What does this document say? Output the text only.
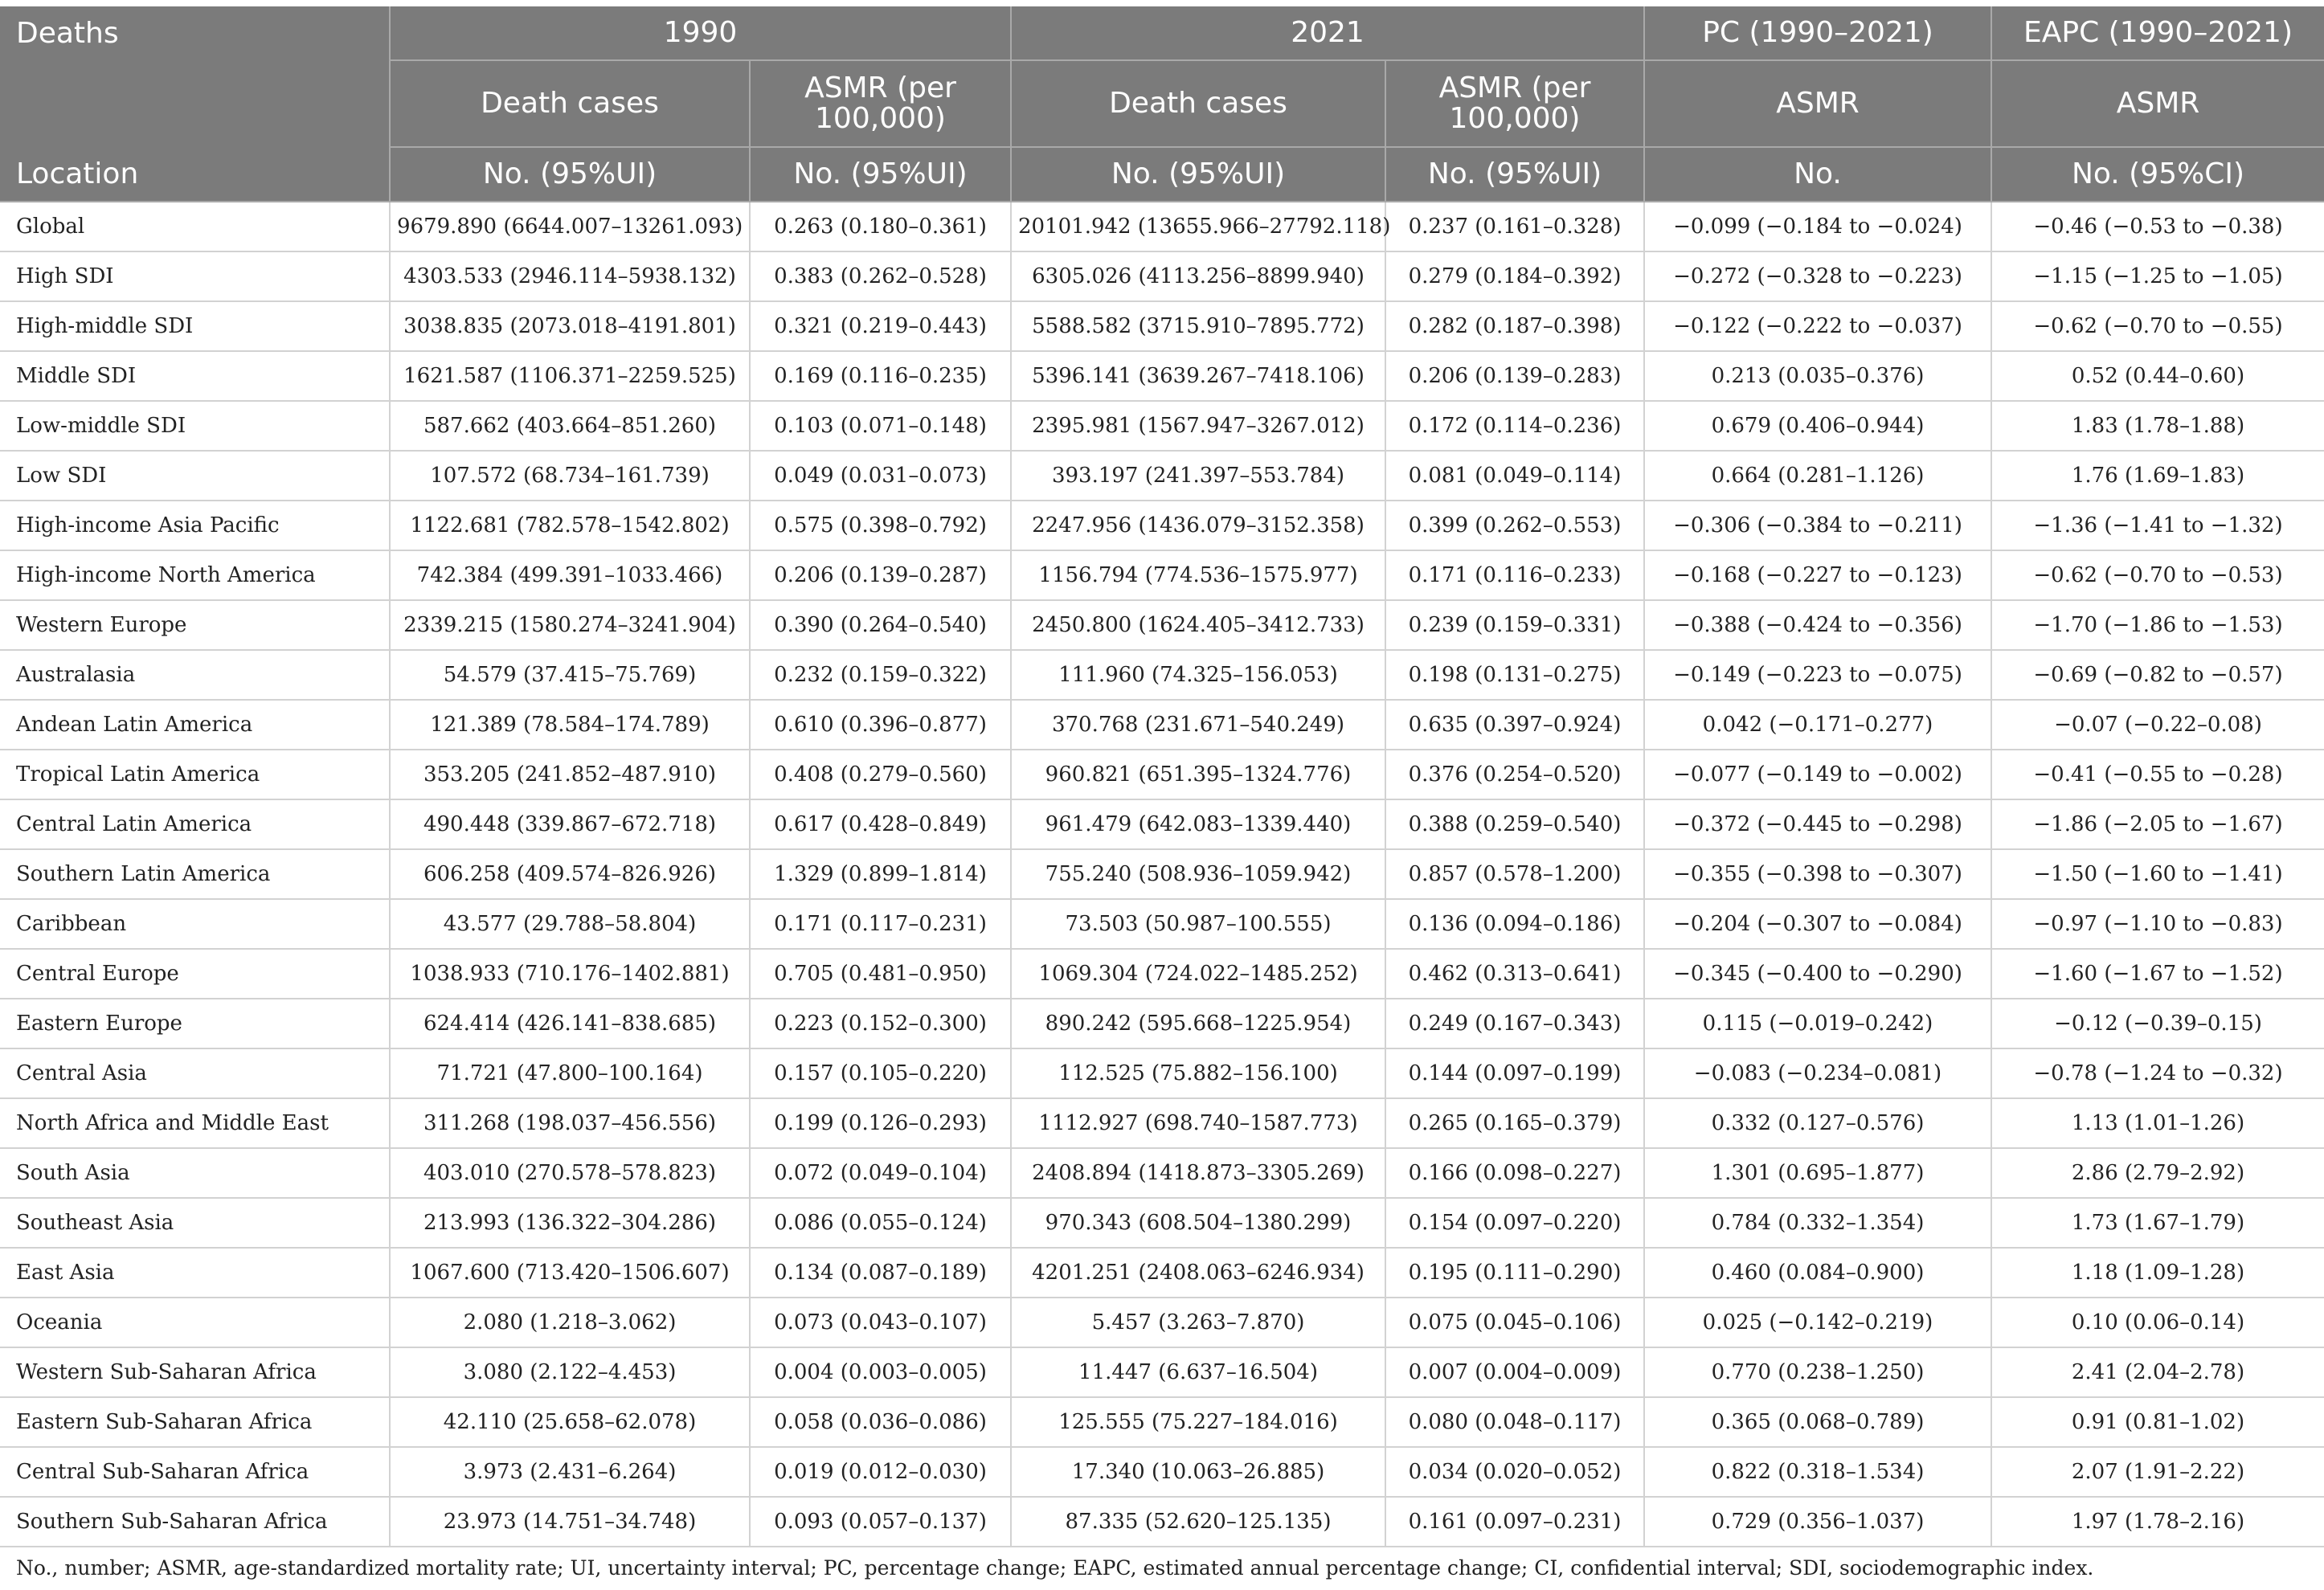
Deaths	1990		2021		PC (1990–2021)	EAPC (1990–2021)
	Death cases	ASMR (per 100,000)	Death cases	ASMR (per 100,000)	ASMR	ASMR
Location	No. (95%UI)	No. (95%UI)	No. (95%UI)	No. (95%UI)	No.	No. (95%CI)
Global	9679.890 (6644.007–13261.093)	0.263 (0.180–0.361)	20101.942 (13655.966–27792.118)	0.237 (0.161–0.328)	−0.099 (−0.184 to −0.024)	−0.46 (−0.53 to −0.38)
High SDI	4303.533 (2946.114–5938.132)	0.383 (0.262–0.528)	6305.026 (4113.256–8899.940)	0.279 (0.184–0.392)	−0.272 (−0.328 to −0.223)	−1.15 (−1.25 to −1.05)
High-middle SDI	3038.835 (2073.018–4191.801)	0.321 (0.219–0.443)	5588.582 (3715.910–7895.772)	0.282 (0.187–0.398)	−0.122 (−0.222 to −0.037)	−0.62 (−0.70 to −0.55)
Middle SDI	1621.587 (1106.371–2259.525)	0.169 (0.116–0.235)	5396.141 (3639.267–7418.106)	0.206 (0.139–0.283)	0.213 (0.035–0.376)	0.52 (0.44–0.60)
Low-middle SDI	587.662 (403.664–851.260)	0.103 (0.071–0.148)	2395.981 (1567.947–3267.012)	0.172 (0.114–0.236)	0.679 (0.406–0.944)	1.83 (1.78–1.88)
Low SDI	107.572 (68.734–161.739)	0.049 (0.031–0.073)	393.197 (241.397–553.784)	0.081 (0.049–0.114)	0.664 (0.281–1.126)	1.76 (1.69–1.83)
High-income Asia Pacific	1122.681 (782.578–1542.802)	0.575 (0.398–0.792)	2247.956 (1436.079–3152.358)	0.399 (0.262–0.553)	−0.306 (−0.384 to −0.211)	−1.36 (−1.41 to −1.32)
High-income North America	742.384 (499.391–1033.466)	0.206 (0.139–0.287)	1156.794 (774.536–1575.977)	0.171 (0.116–0.233)	−0.168 (−0.227 to −0.123)	−0.62 (−0.70 to −0.53)
Western Europe	2339.215 (1580.274–3241.904)	0.390 (0.264–0.540)	2450.800 (1624.405–3412.733)	0.239 (0.159–0.331)	−0.388 (−0.424 to −0.356)	−1.70 (−1.86 to −1.53)
Australasia	54.579 (37.415–75.769)	0.232 (0.159–0.322)	111.960 (74.325–156.053)	0.198 (0.131–0.275)	−0.149 (−0.223 to −0.075)	−0.69 (−0.82 to −0.57)
Andean Latin America	121.389 (78.584–174.789)	0.610 (0.396–0.877)	370.768 (231.671–540.249)	0.635 (0.397–0.924)	0.042 (−0.171–0.277)	−0.07 (−0.22–0.08)
Tropical Latin America	353.205 (241.852–487.910)	0.408 (0.279–0.560)	960.821 (651.395–1324.776)	0.376 (0.254–0.520)	−0.077 (−0.149 to −0.002)	−0.41 (−0.55 to −0.28)
Central Latin America	490.448 (339.867–672.718)	0.617 (0.428–0.849)	961.479 (642.083–1339.440)	0.388 (0.259–0.540)	−0.372 (−0.445 to −0.298)	−1.86 (−2.05 to −1.67)
Southern Latin America	606.258 (409.574–826.926)	1.329 (0.899–1.814)	755.240 (508.936–1059.942)	0.857 (0.578–1.200)	−0.355 (−0.398 to −0.307)	−1.50 (−1.60 to −1.41)
Caribbean	43.577 (29.788–58.804)	0.171 (0.117–0.231)	73.503 (50.987–100.555)	0.136 (0.094–0.186)	−0.204 (−0.307 to −0.084)	−0.97 (−1.10 to −0.83)
Central Europe	1038.933 (710.176–1402.881)	0.705 (0.481–0.950)	1069.304 (724.022–1485.252)	0.462 (0.313–0.641)	−0.345 (−0.400 to −0.290)	−1.60 (−1.67 to −1.52)
Eastern Europe	624.414 (426.141–838.685)	0.223 (0.152–0.300)	890.242 (595.668–1225.954)	0.249 (0.167–0.343)	0.115 (−0.019–0.242)	−0.12 (−0.39–0.15)
Central Asia	71.721 (47.800–100.164)	0.157 (0.105–0.220)	112.525 (75.882–156.100)	0.144 (0.097–0.199)	−0.083 (−0.234–0.081)	−0.78 (−1.24 to −0.32)
North Africa and Middle East	311.268 (198.037–456.556)	0.199 (0.126–0.293)	1112.927 (698.740–1587.773)	0.265 (0.165–0.379)	0.332 (0.127–0.576)	1.13 (1.01–1.26)
South Asia	403.010 (270.578–578.823)	0.072 (0.049–0.104)	2408.894 (1418.873–3305.269)	0.166 (0.098–0.227)	1.301 (0.695–1.877)	2.86 (2.79–2.92)
Southeast Asia	213.993 (136.322–304.286)	0.086 (0.055–0.124)	970.343 (608.504–1380.299)	0.154 (0.097–0.220)	0.784 (0.332–1.354)	1.73 (1.67–1.79)
East Asia	1067.600 (713.420–1506.607)	0.134 (0.087–0.189)	4201.251 (2408.063–6246.934)	0.195 (0.111–0.290)	0.460 (0.084–0.900)	1.18 (1.09–1.28)
Oceania	2.080 (1.218–3.062)	0.073 (0.043–0.107)	5.457 (3.263–7.870)	0.075 (0.045–0.106)	0.025 (−0.142–0.219)	0.10 (0.06–0.14)
Western Sub-Saharan Africa	3.080 (2.122–4.453)	0.004 (0.003–0.005)	11.447 (6.637–16.504)	0.007 (0.004–0.009)	0.770 (0.238–1.250)	2.41 (2.04–2.78)
Eastern Sub-Saharan Africa	42.110 (25.658–62.078)	0.058 (0.036–0.086)	125.555 (75.227–184.016)	0.080 (0.048–0.117)	0.365 (0.068–0.789)	0.91 (0.81–1.02)
Central Sub-Saharan Africa	3.973 (2.431–6.264)	0.019 (0.012–0.030)	17.340 (10.063–26.885)	0.034 (0.020–0.052)	0.822 (0.318–1.534)	2.07 (1.91–2.22)
Southern Sub-Saharan Africa	23.973 (14.751–34.748)	0.093 (0.057–0.137)	87.335 (52.620–125.135)	0.161 (0.097–0.231)	0.729 (0.356–1.037)	1.97 (1.78–2.16)
No., number; ASMR, age-standardized mortality rate; UI, uncertainty interval; PC, percentage change; EAPC, estimated annual percentage change; CI, confidential interval; SDI, sociodemographic index.
